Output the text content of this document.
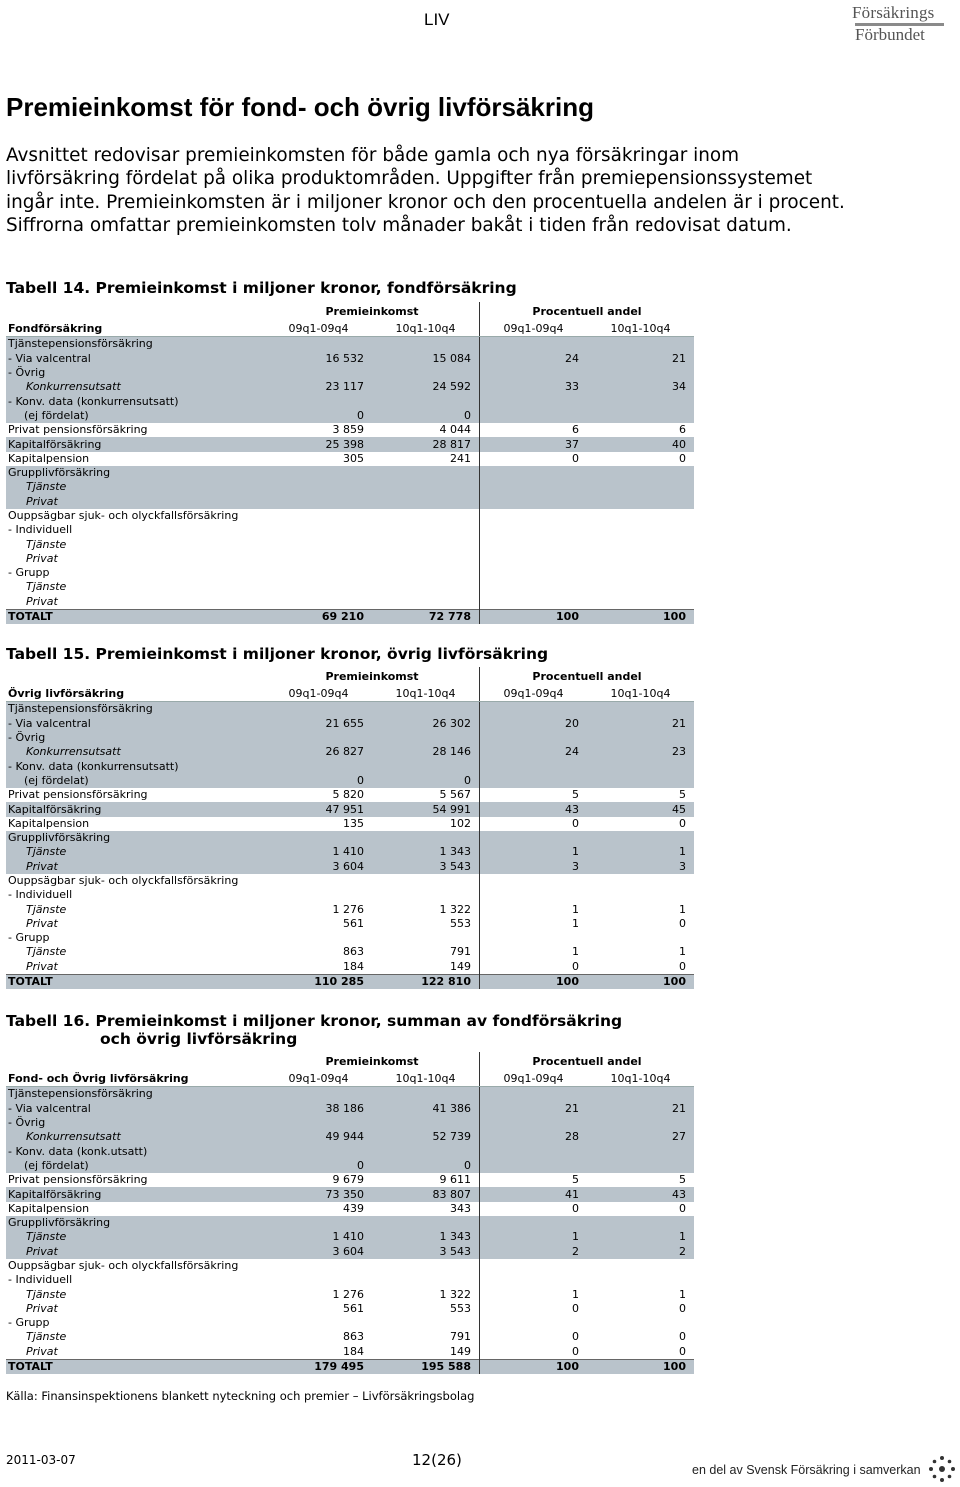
LIV	Försäkrings
Förbundet
Premieinkomst för fond- och övrig livförsäkring

Avsnittet redovisar premieinkomsten för både gamla och nya försäkringar inom livförsäkring fördelat på olika produktområden. Uppgifter från premiepensionssystemet ingår inte. Premieinkomsten är i miljoner kronor och den procentuella andelen är i procent. Siffrorna omfattar premieinkomsten tolv månader bakåt i tiden från redovisat datum.

Tabell 14. Premieinkomst i miljoner kronor, fondförsäkring
	Premieinkomst		Procentuell andel	
Fondförsäkring	09q1-09q4	10q1-10q4	09q1-09q4	10q1-10q4
Tjänstepensionsförsäkring				
- Via valcentral	16 532	15 084	24	21
- Övrig				
Konkurrensutsatt	23 117	24 592	33	34
- Konv. data (konkurrensutsatt)				
(ej fördelat)	0	0		
Privat pensionsförsäkring	3 859	4 044	6	6
Kapitalförsäkring	25 398	28 817	37	40
Kapitalpension	305	241	0	0
Grupplivförsäkring				
Tjänste				
Privat				
Ouppsägbar sjuk- och olyckfallsförsäkring				
- Individuell				
Tjänste				
Privat				
- Grupp				
Tjänste				
Privat				
TOTALT	69 210	72 778	100	100
Tabell 15. Premieinkomst i miljoner kronor, övrig livförsäkring
	Premieinkomst		Procentuell andel	
Övrig livförsäkring	09q1-09q4	10q1-10q4	09q1-09q4	10q1-10q4
Tjänstepensionsförsäkring				
- Via valcentral	21 655	26 302	20	21
- Övrig				
Konkurrensutsatt	26 827	28 146	24	23
- Konv. data (konkurrensutsatt)				
(ej fördelat)	0	0		
Privat pensionsförsäkring	5 820	5 567	5	5
Kapitalförsäkring	47 951	54 991	43	45
Kapitalpension	135	102	0	0
Grupplivförsäkring				
Tjänste	1 410	1 343	1	1
Privat	3 604	3 543	3	3
Ouppsägbar sjuk- och olyckfallsförsäkring				
- Individuell				
Tjänste	1 276	1 322	1	1
Privat	561	553	1	0
- Grupp				
Tjänste	863	791	1	1
Privat	184	149	0	0
TOTALT	110 285	122 810	100	100
Tabell 16. Premieinkomst i miljoner kronor, summan av fondförsäkring
och övrig livförsäkring
	Premieinkomst		Procentuell andel	
Fond- och Övrig livförsäkring	09q1-09q4	10q1-10q4	09q1-09q4	10q1-10q4
Tjänstepensionsförsäkring				
- Via valcentral	38 186	41 386	21	21
- Övrig				
Konkurrensutsatt	49 944	52 739	28	27
- Konv. data (konk.utsatt)				
(ej fördelat)	0	0		
Privat pensionsförsäkring	9 679	9 611	5	5
Kapitalförsäkring	73 350	83 807	41	43
Kapitalpension	439	343	0	0
Grupplivförsäkring				
Tjänste	1 410	1 343	1	1
Privat	3 604	3 543	2	2
Ouppsägbar sjuk- och olyckfallsförsäkring				
- Individuell				
Tjänste	1 276	1 322	1	1
Privat	561	553	0	0
- Grupp				
Tjänste	863	791	0	0
Privat	184	149	0	0
TOTALT	179 495	195 588	100	100
Källa: Finansinspektionens blankett nyteckning och premier – Livförsäkringsbolag
2011-03-07	12(26)
en del av Svensk Försäkring i samverkan
